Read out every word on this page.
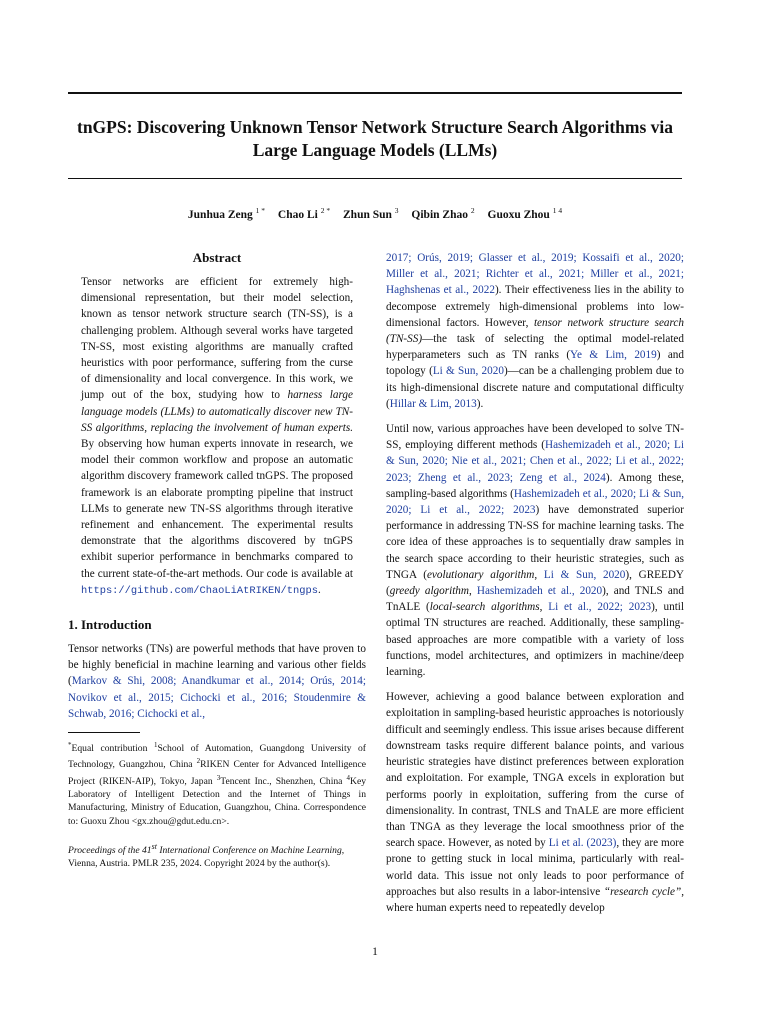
tnGPS: Discovering Unknown Tensor Network Structure Search Algorithms via Large Language Models (LLMs)
Junhua Zeng $^{1 *}$ Chao Li $^{2 *}$ Zhun Sun $^3$ Qibin Zhao $^2$ Guoxu Zhou $^{1 4}$
Abstract

Tensor networks are efficient for extremely high-dimensional representation, but their model selection, known as tensor network structure search (TN-SS), is a challenging problem. Although several works have targeted TN-SS, most existing algorithms are manually crafted heuristics with poor performance, suffering from the curse of dimensionality and local convergence. In this work, we jump out of the box, studying how to harness large language models (LLMs) to automatically discover new TN-SS algorithms, replacing the involvement of human experts. By observing how human experts innovate in research, we model their common workflow and propose an automatic algorithm discovery framework called tnGPS. The proposed framework is an elaborate prompting pipeline that instruct LLMs to generate new TN-SS algorithms through iterative refinement and enhancement. The experimental results demonstrate that the algorithms discovered by tnGPS exhibit superior performance in benchmarks compared to the current state-of-the-art methods. Our code is available at https://github.com/ChaoLiAtRIKEN/tngps.

1. Introduction

Tensor networks (TNs) are powerful methods that have proven to be highly beneficial in machine learning and various other fields (Markov & Shi, 2008; Anandkumar et al., 2014; Orús, 2014; Novikov et al., 2015; Cichocki et al., 2016; Stoudenmire & Schwab, 2016; Cichocki et al.,

*Equal contribution $^1$School of Automation, Guangdong University of Technology, Guangzhou, China $^2$RIKEN Center for Advanced Intelligence Project (RIKEN-AIP), Tokyo, Japan $^3$Tencent Inc., Shenzhen, China $^4$Key Laboratory of Intelligent Detection and the Internet of Things in Manufacturing, Ministry of Education, Guangzhou, China. Correspondence to: Guoxu Zhou <gx.zhou@gdut.edu.cn>.

Proceedings of the 41st International Conference on Machine Learning, Vienna, Austria. PMLR 235, 2024. Copyright 2024 by the author(s).

2017; Orús, 2019; Glasser et al., 2019; Kossaifi et al., 2020; Miller et al., 2021; Richter et al., 2021; Miller et al., 2021; Haghshenas et al., 2022). Their effectiveness lies in the ability to decompose extremely high-dimensional problems into low-dimensional factors. However, tensor network structure search (TN-SS)—the task of selecting the optimal model-related hyperparameters such as TN ranks (Ye & Lim, 2019) and topology (Li & Sun, 2020)—can be a challenging problem due to its high-dimensional discrete nature and computational difficulty (Hillar & Lim, 2013).

Until now, various approaches have been developed to solve TN-SS, employing different methods (Hashemizadeh et al., 2020; Li & Sun, 2020; Nie et al., 2021; Chen et al., 2022; Li et al., 2022; 2023; Zheng et al., 2023; Zeng et al., 2024). Among these, sampling-based algorithms (Hashemizadeh et al., 2020; Li & Sun, 2020; Li et al., 2022; 2023) have demonstrated superior performance in addressing TN-SS for machine learning tasks. The core idea of these approaches is to sequentially draw samples in the search space according to their heuristic strategies, such as TNGA (evolutionary algorithm, Li & Sun, 2020), GREEDY (greedy algorithm, Hashemizadeh et al., 2020), and TNLS and TnALE (local-search algorithms, Li et al., 2022; 2023), until optimal TN structures are reached. Additionally, these sampling-based approaches are more compatible with a variety of loss functions, model architectures, and optimizers in machine/deep learning.

However, achieving a good balance between exploration and exploitation in sampling-based heuristic approaches is notoriously difficult and seemingly endless. This issue arises because different downstream tasks require different balance points, and various heuristic strategies have distinct preferences between exploration and exploitation. For example, TNGA excels in exploration but performs poorly in exploitation, suffering from the curse of dimensionality. In contrast, TNLS and TnALE are more efficient than TNGA as they leverage the local smoothness prior of the search space. However, as noted by Li et al. (2023), they are more prone to getting stuck in local minima, particularly with real-world data. This issue not only leads to poor performance of approaches but also results in a labor-intensive “research cycle”, where human experts need to repeatedly develop

1
